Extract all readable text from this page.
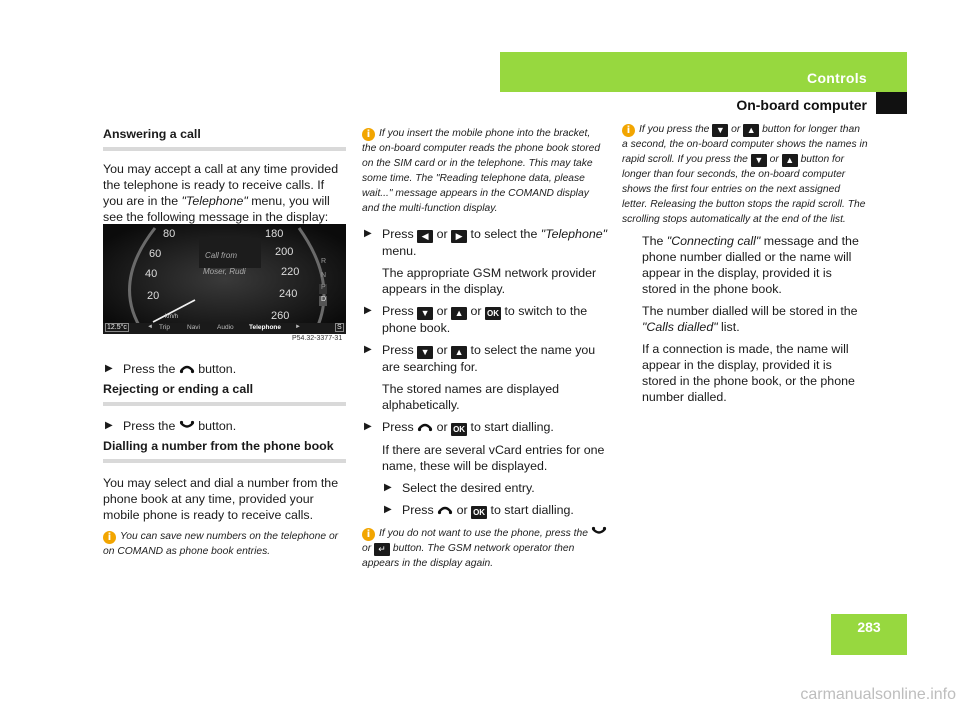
Controls
On-board computer
Answering a call

You may accept a call at any time provided the telephone is ready to receive calls. If you are in the "Telephone" menu, you will see the following message in the display:

▶ Press the button.
Rejecting or ending a call
▶ Press the button.
Dialling a number from the phone book

You may select and dial a number from the phone book at any time, provided your mobile phone is ready to receive calls.

i You can save new numbers on the telephone or on COMAND as phone book entries.
80
60
40
20
180
200
220
240
260
Call from
Moser, Rudi
km/h
R
N
P
D
12.5°c	◄ Trip	Navi	Audio Telephone ►	S
P54.32-3377-31
i If you insert the mobile phone into the bracket, the on-board computer reads the phone book stored on the SIM card or in the telephone. This may take some time. The "Reading telephone data, please wait..." message appears in the COMAND display and the multi-function display.
▶ Press ◀ or ▶ to select the "Telephone" menu.

The appropriate GSM network provider appears in the display.

▶ Press ▼ or ▲ or OK to switch to the phone book.
▶ Press ▼ or ▲ to select the name you are searching for.

The stored names are displayed alphabetically.

▶ Press or OK to start dialling.

If there are several vCard entries for one name, these will be displayed.

▶ Select the desired entry.
▶ Press or OK to start dialling.
i If you do not want to use the phone, press the  or ↵ button. The GSM network operator then appears in the display again.
i If you press the ▼ or ▲ button for longer than a second, the on-board computer shows the names in rapid scroll. If you press the ▼ or ▲ button for longer than four seconds, the on-board computer shows the first four entries on the next assigned letter. Releasing the button stops the rapid scroll. The scrolling stops automatically at the end of the list.

The "Connecting call" message and the phone number dialled or the name will appear in the display, provided it is stored in the phone book.

The number dialled will be stored in the "Calls dialled" list.

If a connection is made, the name will appear in the display, provided it is stored in the phone book, or the phone number dialled.

283
carmanualsonline.info
